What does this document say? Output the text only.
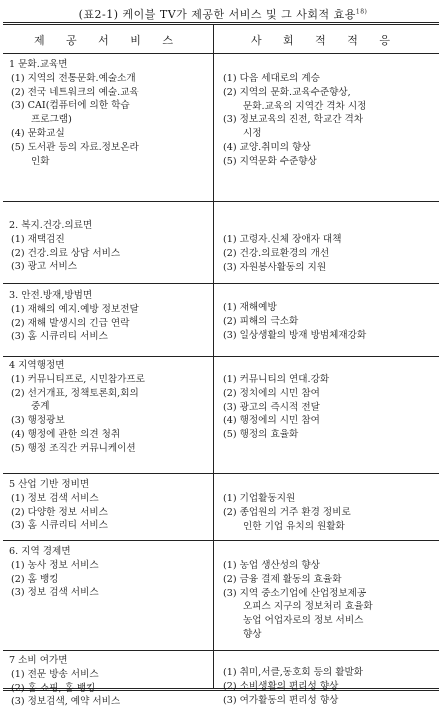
(표2-1) 케이블 TV가 제공한 서비스 및 그 사회적 효용$^{18)}$
제 공 서 비 스	사 회 적 적 응
1 문화.교육면
(1) 지역의 전통문화.예술소개
(2) 전국 네트워크의 예술.교육
(3) CAI(컴퓨터에 의한 학습
프로그램)
(4) 문화교실
(5) 도서관 등의 자료.정보온라
인화
(1) 다음 세대로의 계승
(2) 지역의 문화.교육수준향상,
문화.교육의 지역간 격차 시정
(3) 정보교육의 진전, 학교간 격차
시정
(4) 교양.취미의 향상
(5) 지역문화 수준향상
2. 복지.건강.의료면
(1) 재택검진
(2) 건강.의료 상담 서비스
(3) 광고 서비스
(1) 고령자.신체 장애자 대책
(2) 건강.의료환경의 개선
(3) 자원봉사활동의 지원
3. 안전.방재,방범면
(1) 재해의 예지.예방 정보전달
(2) 재해 발생시의 긴급 연락
(3) 홈 시큐리티 서비스
(1) 재해예방
(2) 피해의 극소화
(3) 일상생활의 방재 방범체재강화
4 지역행정면
(1) 커뮤니티프로, 시민참가프로
(2) 선거개표, 정책토론회,회의
중계
(3) 행정광보
(4) 행정에 관한 의견 청취
(5) 행정 조직간 커뮤니케이션
(1) 커뮤니티의 연대.강화
(2) 정치에의 시민 참여
(3) 광고의 즉시적 전달
(4) 행정에의 시민 참여
(5) 행정의 효율화
5 산업 기반 정비면
(1) 정보 검색 서비스
(2) 다양한 정보 서비스
(3) 홈 시큐리티 서비스
(1) 기업활동지원
(2) 종업원의 거주 환경 정비로
인한 기업 유치의 원활화
6. 지역 경제면
(1) 농사 정보 서비스
(2) 홈 뱅킹
(3) 정보 검색 서비스
(1) 농업 생산성의 향상
(2) 금융 결제 활동의 효율화
(3) 지역 중소기업에 산업정보제공
오피스 지구의 정보처리 효율화
농업 어업자로의 정보 서비스
향상
7 소비 여가면
(1) 전문 방송 서비스
(2) 홈 쇼핑, 홈 뱅킹
(3) 정보검색, 예약 서비스
(1) 취미,서클,동호회 등의 활발화
(2) 소비생활의 편리성 향상
(3) 여가활동의 편리성 향상
